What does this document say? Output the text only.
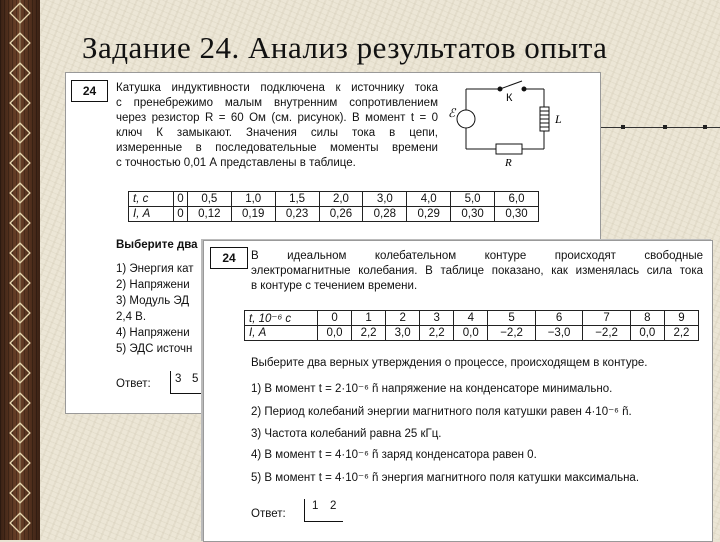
Задание 24. Анализ результатов опыта
24	Катушка индуктивности подключена к источнику тока
с пренебрежимо малым внутренним сопротивлением
через резистор R = 60 Ом (см. рисунок). В момент t = 0
ключ К замыкают. Значения силы тока в цепи,
измеренные в последовательные моменты времени
с точностью 0,01 А представлены в таблице.
ℰ
К
L
R
t, с	0	0,5	1,0	1,5	2,0	3,0	4,0	5,0	6,0
I, А	0	0,12	0,19	0,23	0,26	0,28	0,29	0,30	0,30
Выберите два
1) Энергия кат
2) Напряжени
3) Модуль ЭД
2,4 В.
4) Напряжени
5) ЭДС источн
Ответ: 3 5
24	В идеальном колебательном контуре происходят свободные
электромагнитные колебания. В таблице показано, как изменялась сила тока
в контуре с течением времени.
t, 10⁻⁶ с	0	1	2	3	4	5	6	7	8	9
I, А	0,0	2,2	3,0	2,2	0,0	−2,2	−3,0	−2,2	0,0	2,2
Выберите два верных утверждения о процессе, происходящем в контуре.
1) В момент t = 2·10⁻⁶ ñ напряжение на конденсаторе минимально.
2) Период колебаний энергии магнитного поля катушки равен 4·10⁻⁶ ñ.
3) Частота колебаний равна 25 кГц.
4) В момент t = 4·10⁻⁶ ñ заряд конденсатора равен 0.
5) В момент t = 4·10⁻⁶ ñ энергия магнитного поля катушки максимальна.
Ответ:
1 2
